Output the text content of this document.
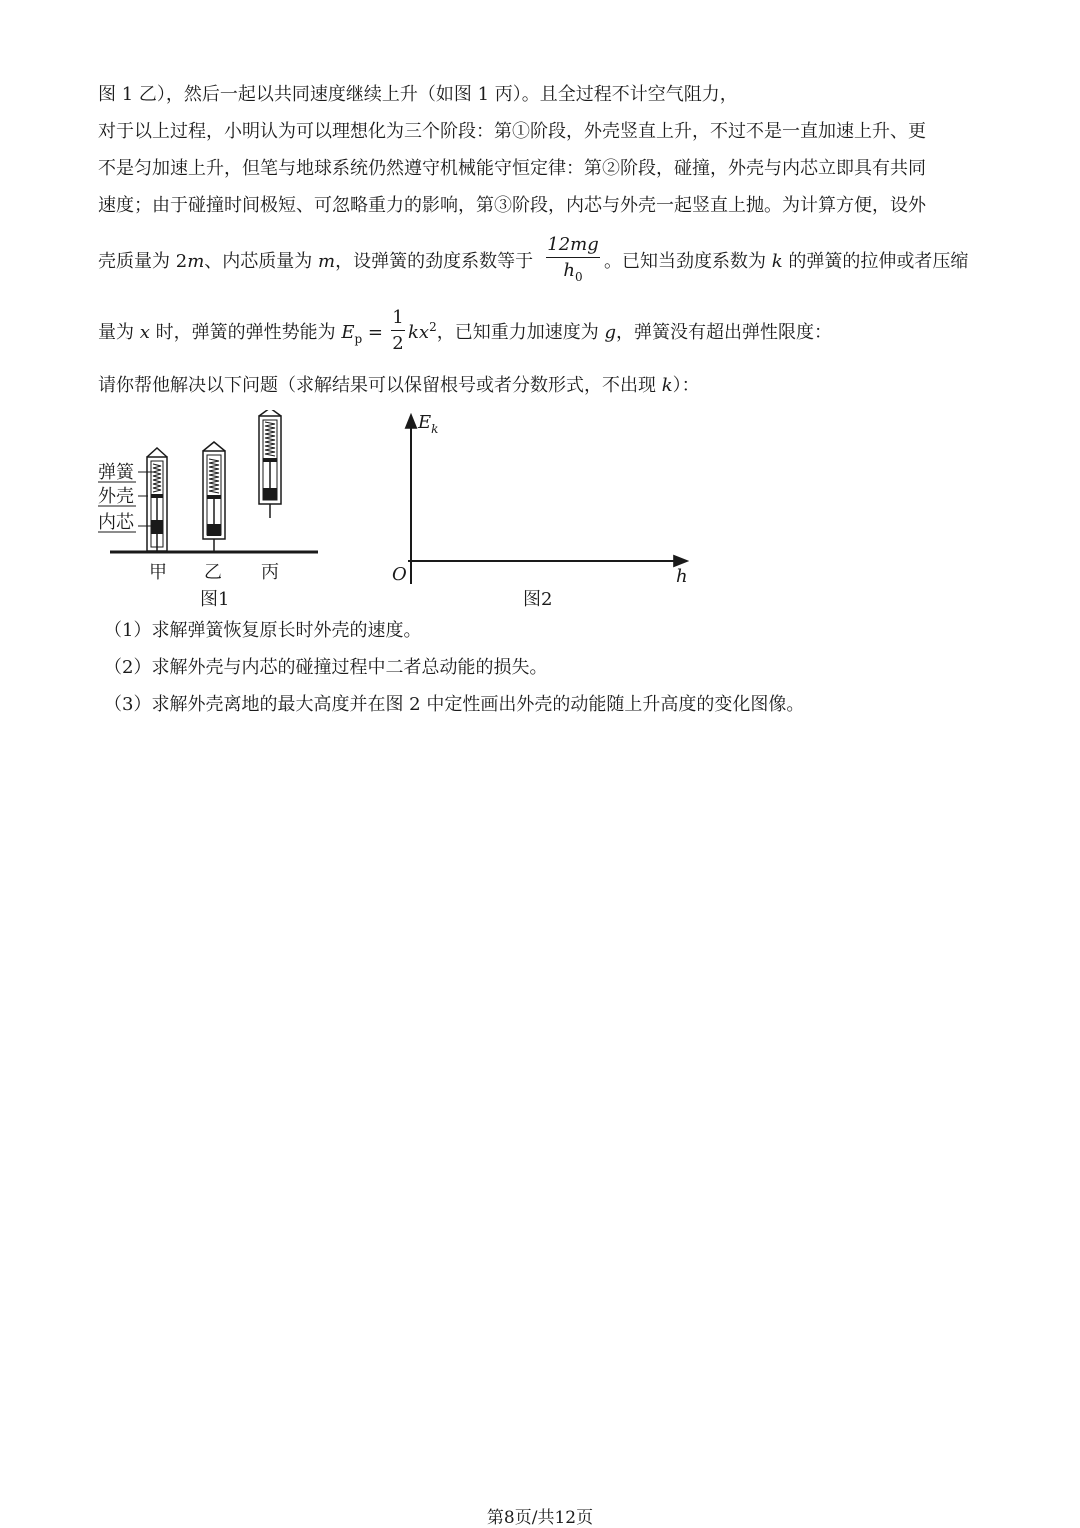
图 1 乙），然后一起以共同速度继续上升（如图 1 丙）。且全过程不计空气阻力，
对于以上过程，小明认为可以理想化为三个阶段：第①阶段，外壳竖直上升，不过不是一直加速上升、更
不是匀加速上升，但笔与地球系统仍然遵守机械能守恒定律：第②阶段，碰撞，外壳与内芯立即具有共同
速度；由于碰撞时间极短、可忽略重力的影响，第③阶段，内芯与外壳一起竖直上抛。为计算方便，设外
壳质量为 2m、内芯质量为 m，设弹簧的劲度系数等于
12mg
$h_0$
。已知当劲度系数为 k 的弹簧的拉伸或者压缩
量为 x 时，弹簧的弹性势能为 $E_p$ =
1
2
$kx^2$，已知重力加速度为 g，弹簧没有超出弹性限度：
请你帮他解决以下问题（求解结果可以保留根号或者分数形式，不出现 k）：
弹簧
外壳
内芯
甲 乙 丙
图1
$E_k$
O	h
图2
（1）求解弹簧恢复原长时外壳的速度。
（2）求解外壳与内芯的碰撞过程中二者总动能的损失。
（3）求解外壳离地的最大高度并在图 2 中定性画出外壳的动能随上升高度的变化图像。
第8页/共12页
